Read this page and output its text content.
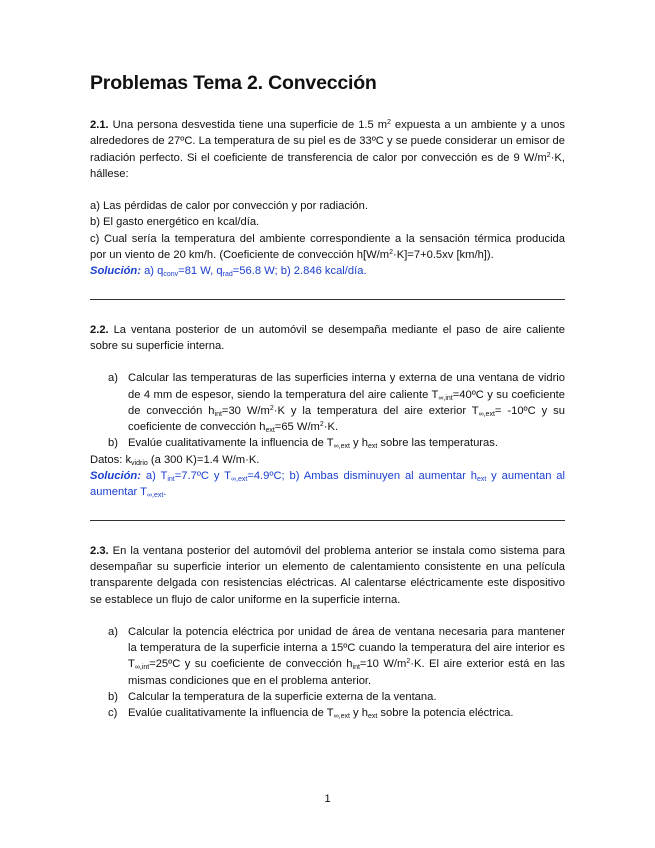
Problemas Tema 2. Convección

2.1. Una persona desvestida tiene una superficie de 1.5 $m^2$ expuesta a un ambiente y a unos alrededores de 27ºC. La temperatura de su piel es de 33ºC y se puede considerar un emisor de radiación perfecto. Si el coeficiente de transferencia de calor por convección es de 9 $W/m^2\cdot K$, hállese:

a) Las pérdidas de calor por convección y por radiación.

b) El gasto energético en kcal/día.

c) Cual sería la temperatura del ambiente correspondiente a la sensación térmica producida por un viento de 20 km/h. (Coeficiente de convección $h[W/m^2\cdot K]=7+0.5xv$ [km/h]).

Solución: a) $q_{conv}=81$ W, $q_{rad}=56.8$ W; b) 2.846 kcal/día.

2.2. La ventana posterior de un automóvil se desempaña mediante el paso de aire caliente sobre su superficie interna.

a) Calcular las temperaturas de las superficies interna y externa de una ventana de vidrio de 4 mm de espesor, siendo la temperatura del aire caliente $T_{\infty,int}=40ºC$ y su coeficiente de convección $h_{int}=30$ $W/m^2\cdot K$ y la temperatura del aire exterior $T_{\infty,ext}=$ -10ºC y su coeficiente de convección $h_{ext}=65$ $W/m^2\cdot K$.
b) Evalúe cualitativamente la influencia de $T_{\infty,ext}$ y $h_{ext}$ sobre las temperaturas.

Datos: $k_{vidrio}$ (a 300 K)=1.4 W/m·K.

Solución: a) $T_{int}=7.7ºC$ y $T_{\infty,ext}=4.9ºC$; b) Ambas disminuyen al aumentar $h_{ext}$ y aumentan al aumentar $T_{\infty,ext}$.

2.3. En la ventana posterior del automóvil del problema anterior se instala como sistema para desempañar su superficie interior un elemento de calentamiento consistente en una película transparente delgada con resistencias eléctricas. Al calentarse eléctricamente este dispositivo se establece un flujo de calor uniforme en la superficie interna.

a) Calcular la potencia eléctrica por unidad de área de ventana necesaria para mantener la temperatura de la superficie interna a 15ºC cuando la temperatura del aire interior es $T_{\infty,int}=25ºC$ y su coeficiente de convección $h_{int}=10$ $W/m^2\cdot K$. El aire exterior está en las mismas condiciones que en el problema anterior.
b) Calcular la temperatura de la superficie externa de la ventana.
c) Evalúe cualitativamente la influencia de $T_{\infty,ext}$ y $h_{ext}$ sobre la potencia eléctrica.
1
